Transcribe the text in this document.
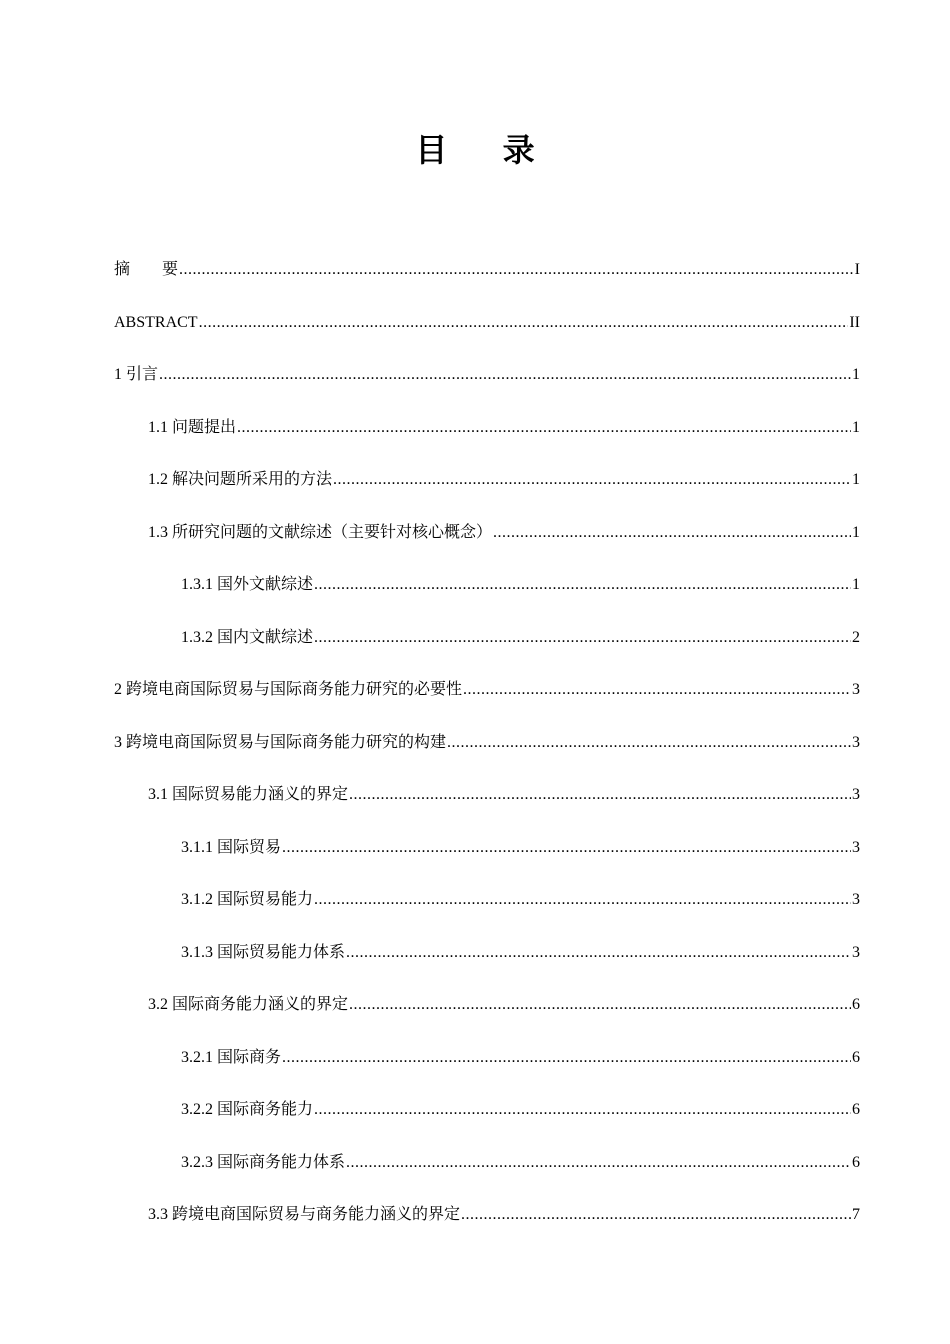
目 录
摘　　要 .....	I
ABSTRACT .....	II
1 引言 .....	1
1.1 问题提出 .....	1
1.2 解决问题所采用的方法 .....	1
1.3 所研究问题的文献综述（主要针对核心概念） .....	1
1.3.1 国外文献综述 .....	1
1.3.2 国内文献综述 .....	2
2 跨境电商国际贸易与国际商务能力研究的必要性 .....	3
3 跨境电商国际贸易与国际商务能力研究的构建 .....	3
3.1 国际贸易能力涵义的界定 .....	3
3.1.1 国际贸易 .....	3
3.1.2 国际贸易能力 .....	3
3.1.3 国际贸易能力体系 .....	3
3.2 国际商务能力涵义的界定 .....	6
3.2.1 国际商务 .....	6
3.2.2 国际商务能力 .....	6
3.2.3 国际商务能力体系 .....	6
3.3 跨境电商国际贸易与商务能力涵义的界定 .....	7
